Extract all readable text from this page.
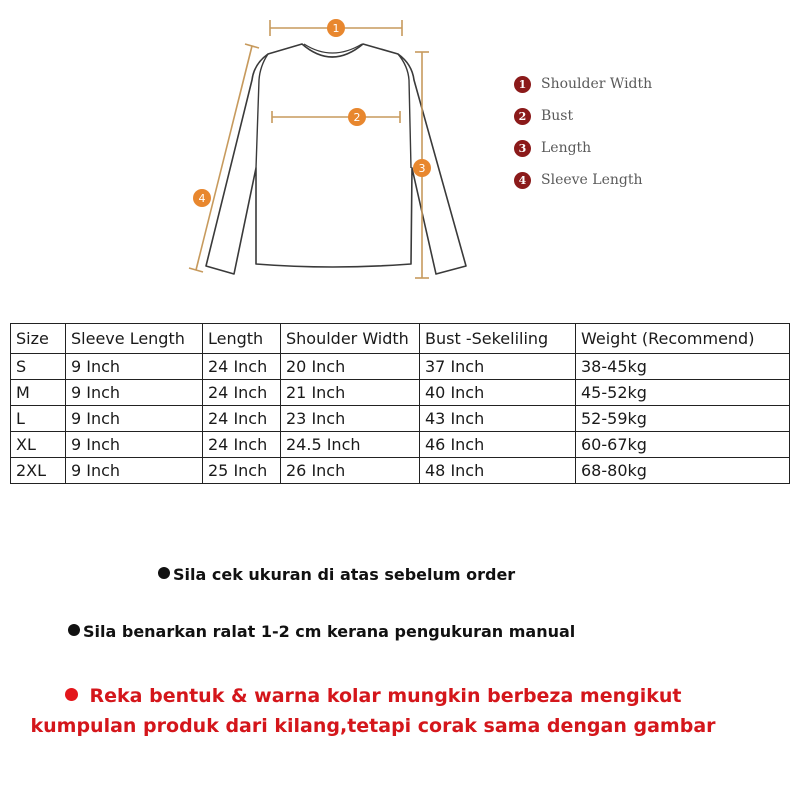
1
2
3
4
1	Shoulder Width
2	Bust
3	Length
4	Sleeve Length
Size	Sleeve Length	Length	Shoulder Width	Bust -Sekeliling	Weight (Recommend)
S	9 Inch	24 Inch	20 Inch	37 Inch	38-45kg
M	9 Inch	24 Inch	21 Inch	40 Inch	45-52kg
L	9 Inch	24 Inch	23 Inch	43 Inch	52-59kg
XL	9 Inch	24 Inch	24.5 Inch	46 Inch	60-67kg
2XL	9 Inch	25 Inch	26 Inch	48 Inch	68-80kg
Sila cek ukuran di atas sebelum order
Sila benarkan ralat 1-2 cm kerana pengukuran manual
Reka bentuk & warna kolar mungkin berbeza mengikut kumpulan produk dari kilang,tetapi corak sama dengan gambar
